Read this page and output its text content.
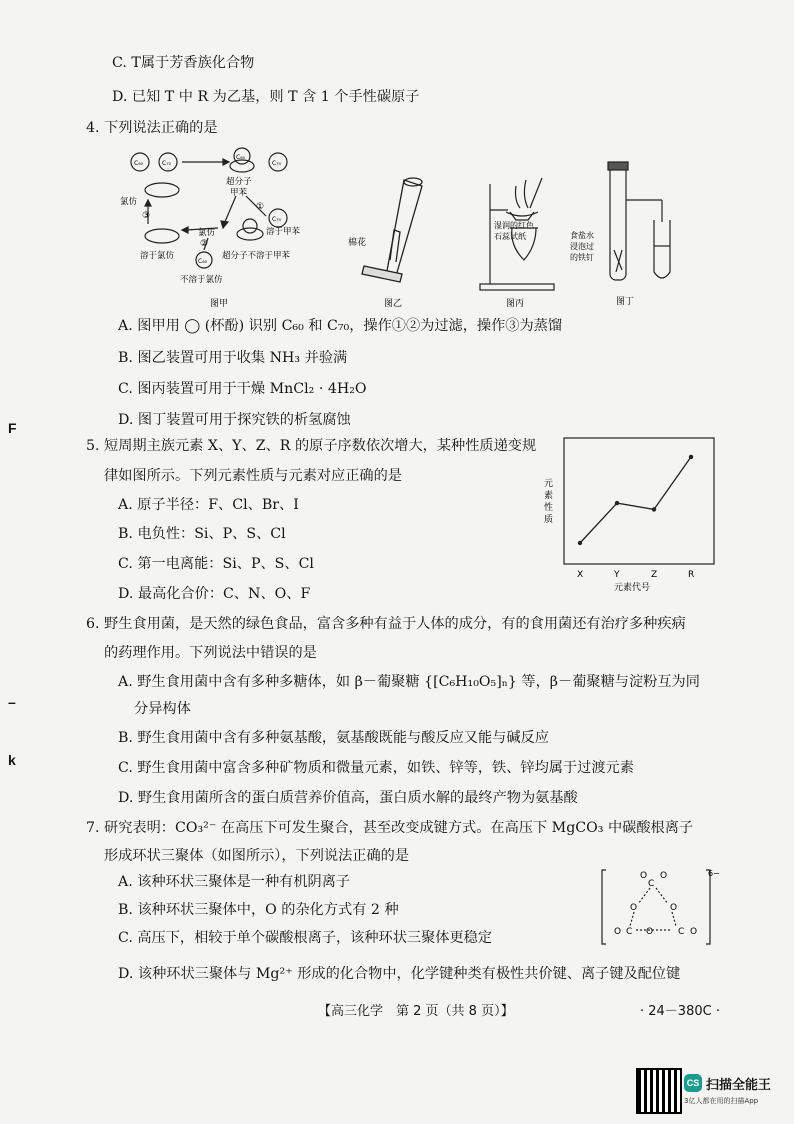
C. T属于芳香族化合物
D. 已知 T 中 R 为乙基，则 T 含 1 个手性碳原子
4. 下列说法正确的是
C₆₀	C₇₀
C₆₀
C₇₀
超分子
甲苯
氯仿
③
①
C₇₀
溶于甲苯
氯仿
②
溶于氯仿	超分子不溶于甲苯
C₆₀
不溶于氯仿
图甲
棉花
图乙
湿润的红色
石蕊试纸
图丙
食盐水
浸泡过
的铁钉
图丁
A. 图甲用 ◯ (杯酚) 识别 C₆₀ 和 C₇₀，操作①②为过滤，操作③为蒸馏
B. 图乙装置可用于收集 NH₃ 并验满
C. 图丙装置可用于干燥 MnCl₂ · 4H₂O
D. 图丁装置可用于探究铁的析氢腐蚀
5. 短周期主族元素 X、Y、Z、R 的原子序数依次增大，某种性质递变规
律如图所示。下列元素性质与元素对应正确的是
A. 原子半径：F、Cl、Br、I
B. 电负性：Si、P、S、Cl
C. 第一电离能：Si、P、S、Cl
D. 最高化合价：C、N、O、F
元
素
性
质
X	Y	Z	R
元素代号
6. 野生食用菌，是天然的绿色食品，富含多种有益于人体的成分，有的食用菌还有治疗多种疾病
的药理作用。下列说法中错误的是
A. 野生食用菌中含有多种多糖体，如 β－葡聚糖 {[C₆H₁₀O₅]ₙ} 等，β－葡聚糖与淀粉互为同
分异构体
B. 野生食用菌中含有多种氨基酸，氨基酸既能与酸反应又能与碱反应
C. 野生食用菌中富含多种矿物质和微量元素，如铁、锌等，铁、锌均属于过渡元素
D. 野生食用菌所含的蛋白质营养价值高，蛋白质水解的最终产物为氨基酸
7. 研究表明：CO₃²⁻ 在高压下可发生聚合，甚至改变成键方式。在高压下 MgCO₃ 中碳酸根离子
形成环状三聚体（如图所示），下列说法正确的是
A. 该种环状三聚体是一种有机阴离子
B. 该种环状三聚体中，O 的杂化方式有 2 种
C. 高压下，相较于单个碳酸根离子，该种环状三聚体更稳定
D. 该种环状三聚体与 Mg²⁺ 形成的化合物中，化学键种类有极性共价键、离子键及配位键
C
O O
O	O
C	C
O	O
O
6−
F
–
k
【高三化学　第 2 页（共 8 页）】	· 24－380C ·
CS 扫描全能王
3亿人都在用的扫描App
